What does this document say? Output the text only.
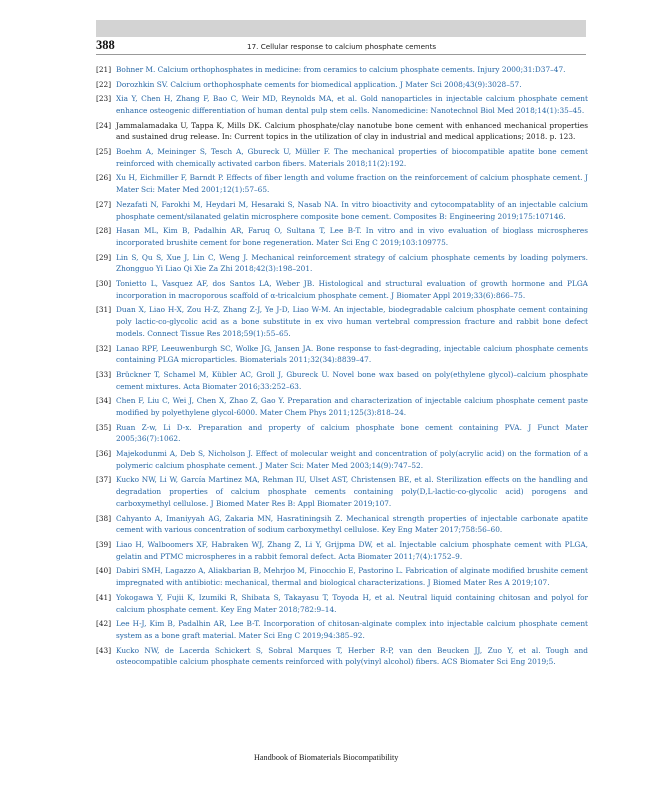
388	17. Cellular response to calcium phosphate cements
[21] Bohner M. Calcium orthophosphates in medicine: from ceramics to calcium phosphate cements. Injury 2000;31:D37–47.
[22] Dorozhkin SV. Calcium orthophosphate cements for biomedical application. J Mater Sci 2008;43(9):3028–57.
[23] Xia Y, Chen H, Zhang F, Bao C, Weir MD, Reynolds MA, et al. Gold nanoparticles in injectable calcium phosphate cement enhance osteogenic differentiation of human dental pulp stem cells. Nanomedicine: Nanotechnol Biol Med 2018;14(1):35–45.
[24] Jammalamadaka U, Tappa K, Mills DK. Calcium phosphate/clay nanotube bone cement with enhanced mechanical properties and sustained drug release. In: Current topics in the utilization of clay in industrial and medical applications; 2018. p. 123.
[25] Boehm A, Meininger S, Tesch A, Gbureck U, Müller F. The mechanical properties of biocompatible apatite bone cement reinforced with chemically activated carbon fibers. Materials 2018;11(2):192.
[26] Xu H, Eichmiller F, Barndt P. Effects of fiber length and volume fraction on the reinforcement of calcium phosphate cement. J Mater Sci: Mater Med 2001;12(1):57–65.
[27] Nezafati N, Farokhi M, Heydari M, Hesaraki S, Nasab NA. In vitro bioactivity and cytocompatablity of an injectable calcium phosphate cement/silanated gelatin microsphere composite bone cement. Composites B: Engineering 2019;175:107146.
[28] Hasan ML, Kim B, Padalhin AR, Faruq O, Sultana T, Lee B-T. In vitro and in vivo evaluation of bioglass microspheres incorporated brushite cement for bone regeneration. Mater Sci Eng C 2019;103:109775.
[29] Lin S, Qu S, Xue J, Lin C, Weng J. Mechanical reinforcement strategy of calcium phosphate cements by loading polymers. Zhongguo Yi Liao Qi Xie Za Zhi 2018;42(3):198–201.
[30] Tonietto L, Vasquez AF, dos Santos LA, Weber JB. Histological and structural evaluation of growth hormone and PLGA incorporation in macroporous scaffold of α-tricalcium phosphate cement. J Biomater Appl 2019;33(6):866–75.
[31] Duan X, Liao H-X, Zou H-Z, Zhang Z-J, Ye J-D, Liao W-M. An injectable, biodegradable calcium phosphate cement containing poly lactic-co-glycolic acid as a bone substitute in ex vivo human vertebral compression fracture and rabbit bone defect models. Connect Tissue Res 2018;59(1):55–65.
[32] Lanao RPF, Leeuwenburgh SC, Wolke JG, Jansen JA. Bone response to fast-degrading, injectable calcium phosphate cements containing PLGA microparticles. Biomaterials 2011;32(34):8839–47.
[33] Brückner T, Schamel M, Kübler AC, Groll J, Gbureck U. Novel bone wax based on poly(ethylene glycol)–calcium phosphate cement mixtures. Acta Biomater 2016;33:252–63.
[34] Chen F, Liu C, Wei J, Chen X, Zhao Z, Gao Y. Preparation and characterization of injectable calcium phosphate cement paste modified by polyethylene glycol-6000. Mater Chem Phys 2011;125(3):818–24.
[35] Ruan Z-w, Li D-x. Preparation and property of calcium phosphate bone cement containing PVA. J Funct Mater 2005;36(7):1062.
[36] Majekodunmi A, Deb S, Nicholson J. Effect of molecular weight and concentration of poly(acrylic acid) on the formation of a polymeric calcium phosphate cement. J Mater Sci: Mater Med 2003;14(9):747–52.
[37] Kucko NW, Li W, García Martinez MA, Rehman IU, Ulset AST, Christensen BE, et al. Sterilization effects on the handling and degradation properties of calcium phosphate cements containing poly(D,L-lactic-co-glycolic acid) porogens and carboxymethyl cellulose. J Biomed Mater Res B: Appl Biomater 2019;107.
[38] Cahyanto A, Imaniyyah AG, Zakaria MN, Hasratiningsih Z. Mechanical strength properties of injectable carbonate apatite cement with various concentration of sodium carboxymethyl cellulose. Key Eng Mater 2017;758:56–60.
[39] Liao H, Walboomers XF, Habraken WJ, Zhang Z, Li Y, Grijpma DW, et al. Injectable calcium phosphate cement with PLGA, gelatin and PTMC microspheres in a rabbit femoral defect. Acta Biomater 2011;7(4):1752–9.
[40] Dabiri SMH, Lagazzo A, Aliakbarian B, Mehrjoo M, Finocchio E, Pastorino L. Fabrication of alginate modified brushite cement impregnated with antibiotic: mechanical, thermal and biological characterizations. J Biomed Mater Res A 2019;107.
[41] Yokogawa Y, Fujii K, Izumiki R, Shibata S, Takayasu T, Toyoda H, et al. Neutral liquid containing chitosan and polyol for calcium phosphate cement. Key Eng Mater 2018;782:9–14.
[42] Lee H-J, Kim B, Padalhin AR, Lee B-T. Incorporation of chitosan-alginate complex into injectable calcium phosphate cement system as a bone graft material. Mater Sci Eng C 2019;94:385–92.
[43] Kucko NW, de Lacerda Schickert S, Sobral Marques T, Herber R-P, van den Beucken JJ, Zuo Y, et al. Tough and osteocompatible calcium phosphate cements reinforced with poly(vinyl alcohol) fibers. ACS Biomater Sci Eng 2019;5.
Handbook of Biomaterials Biocompatibility
